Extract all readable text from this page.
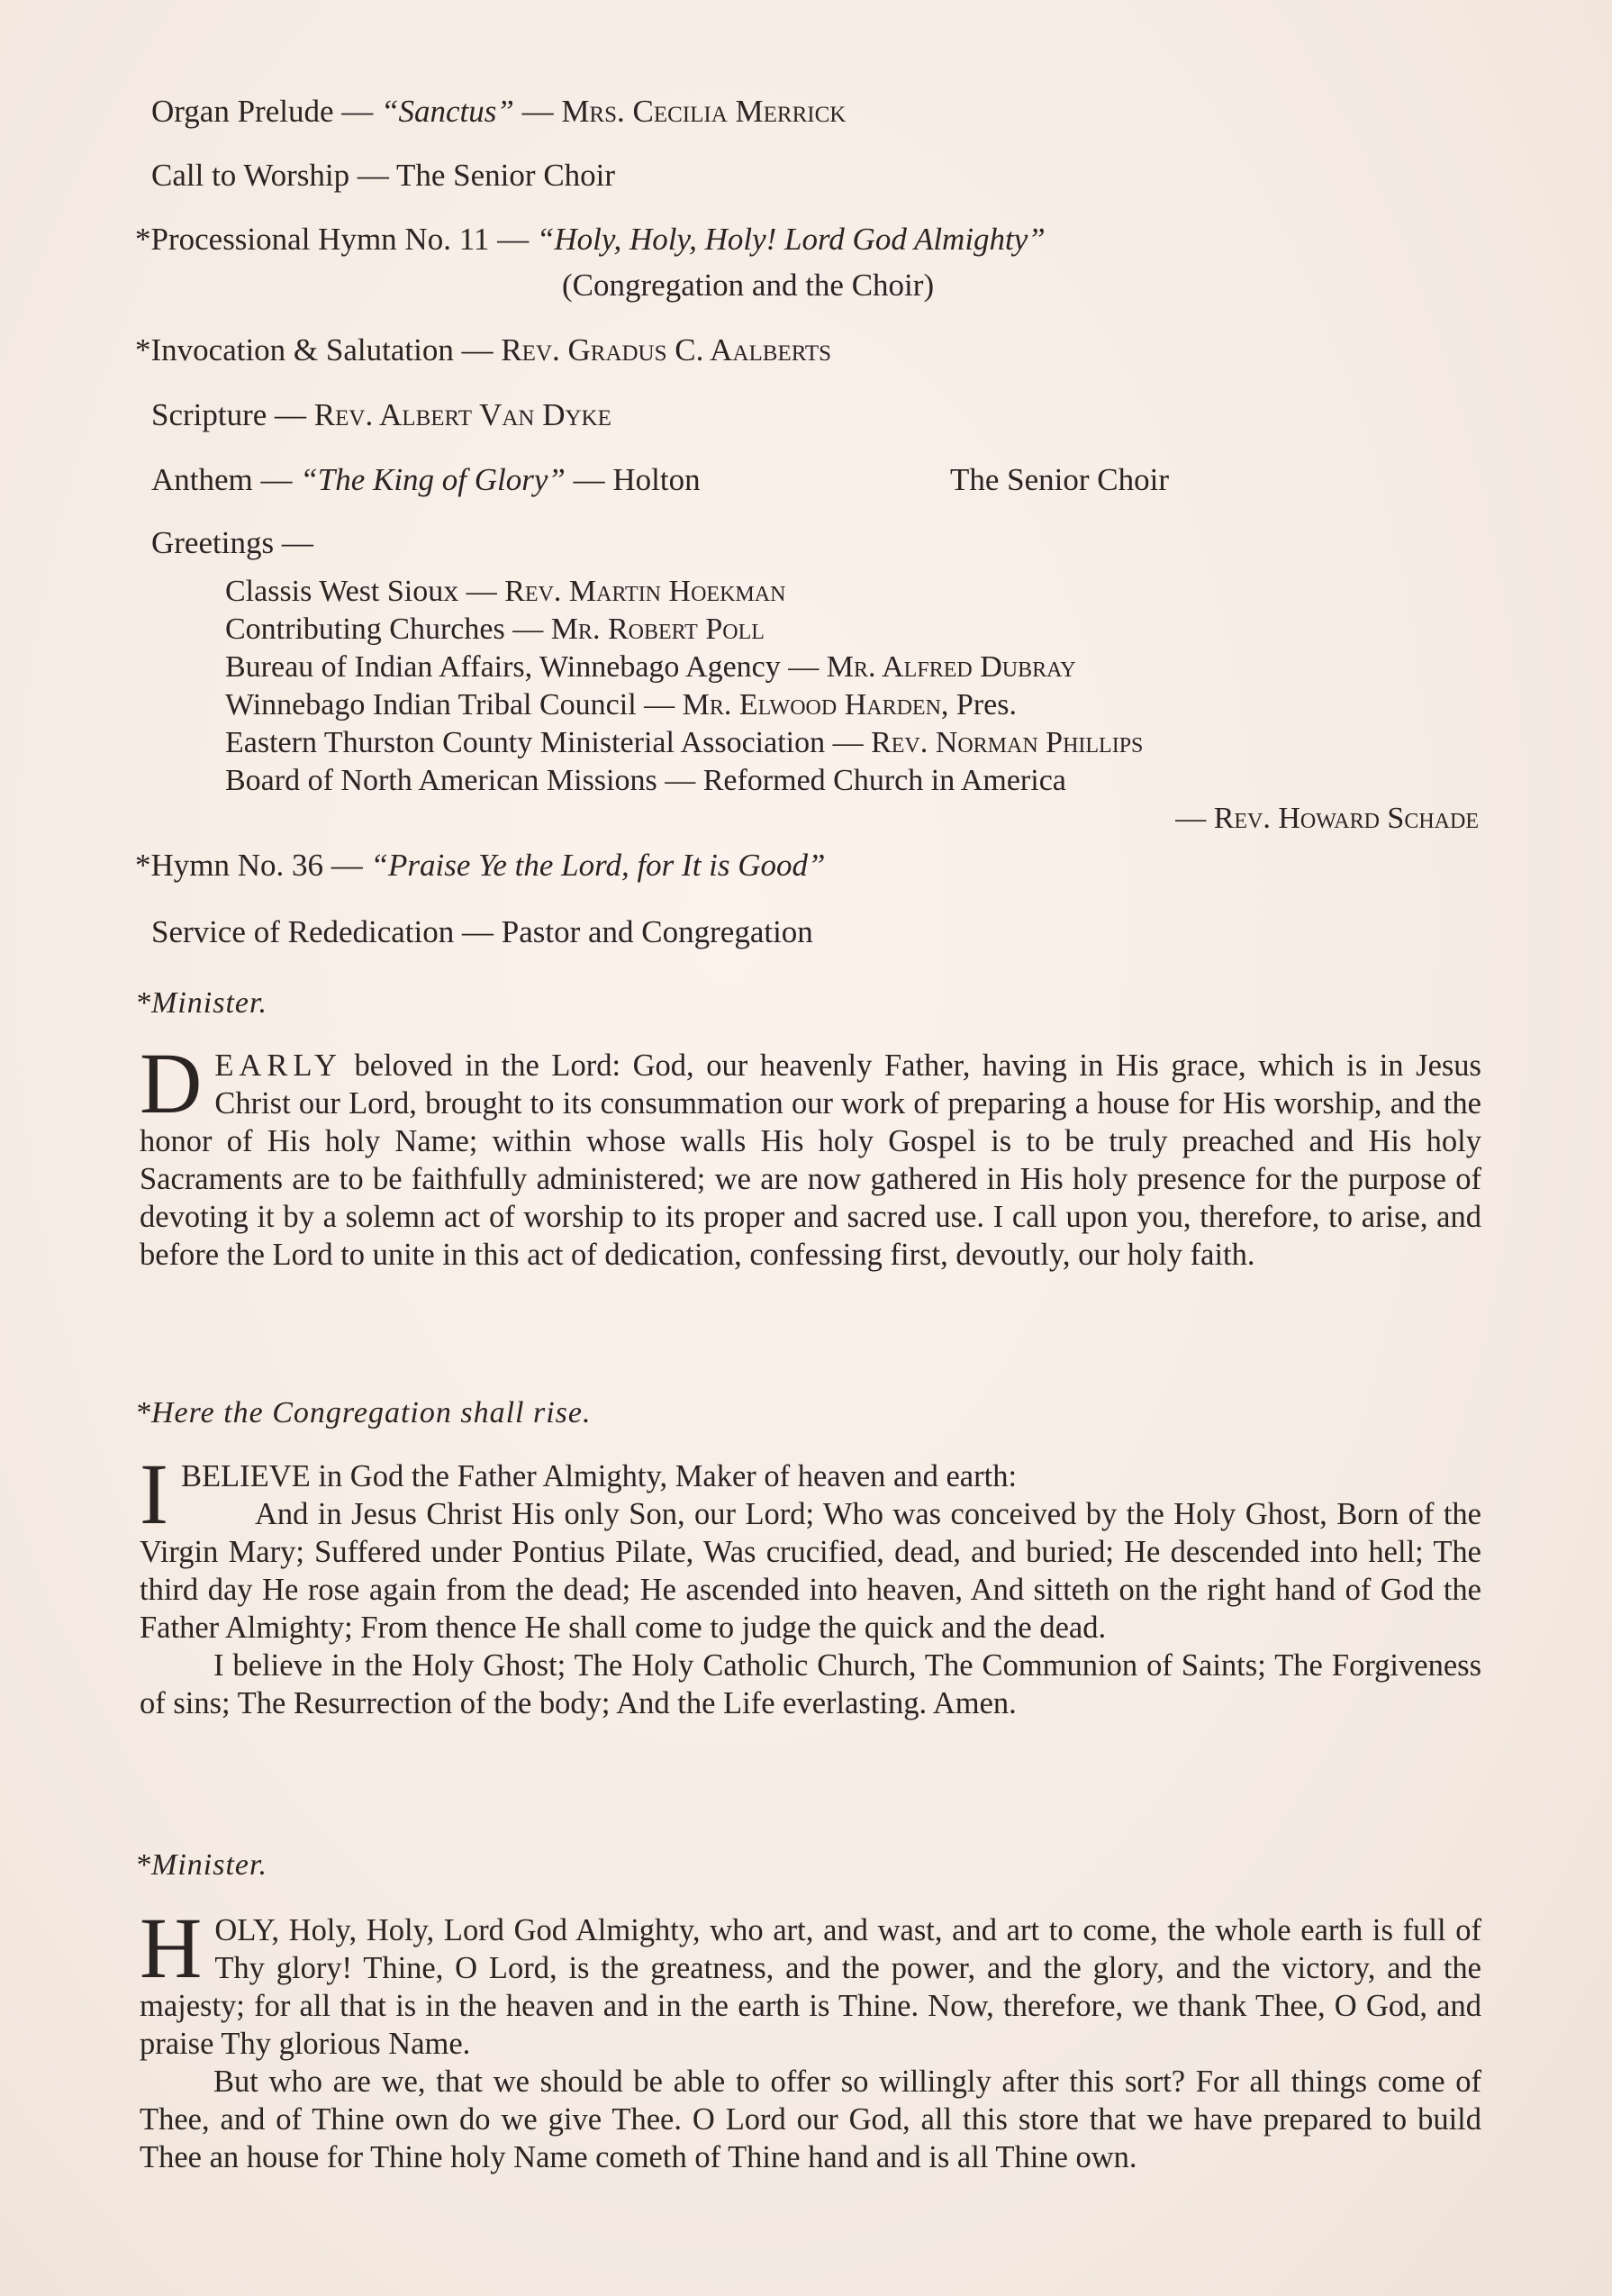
Organ Prelude — “Sanctus” — Mrs. Cecilia Merrick
Call to Worship — The Senior Choir
*Processional Hymn No. 11 — “Holy, Holy, Holy! Lord God Almighty”
(Congregation and the Choir)
*Invocation & Salutation — Rev. Gradus C. Aalberts
Scripture — Rev. Albert Van Dyke
Anthem — “The King of Glory” — Holton	The Senior Choir
Greetings —
Classis West Sioux — Rev. Martin Hoekman
Contributing Churches — Mr. Robert Poll
Bureau of Indian Affairs, Winnebago Agency — Mr. Alfred Dubray
Winnebago Indian Tribal Council — Mr. Elwood Harden, Pres.
Eastern Thurston County Ministerial Association — Rev. Norman Phillips
Board of North American Missions — Reformed Church in America
— Rev. Howard Schade
*Hymn No. 36 — “Praise Ye the Lord, for It is Good”
Service of Rededication — Pastor and Congregation
*Minister.

DEARLY beloved in the Lord: God, our heavenly Father, having in His grace, which is in Jesus Christ our Lord, brought to its consummation our work of preparing a house for His worship, and the honor of His holy Name; within whose walls His holy Gospel is to be truly preached and His holy Sacraments are to be faithfully administered; we are now gathered in His holy presence for the purpose of devoting it by a solemn act of worship to its proper and sacred use. I call upon you, therefore, to arise, and before the Lord to unite in this act of dedication, confessing first, devoutly, our holy faith.

*Here the Congregation shall rise.

IBELIEVE in God the Father Almighty, Maker of heaven and earth:

And in Jesus Christ His only Son, our Lord; Who was conceived by the Holy Ghost, Born of the Virgin Mary; Suffered under Pontius Pilate, Was crucified, dead, and buried; He descended into hell; The third day He rose again from the dead; He ascended into heaven, And sitteth on the right hand of God the Father Almighty; From thence He shall come to judge the quick and the dead.

I believe in the Holy Ghost; The Holy Catholic Church, The Communion of Saints; The Forgiveness of sins; The Resurrection of the body; And the Life everlasting. Amen.

*Minister.

HOLY, Holy, Holy, Lord God Almighty, who art, and wast, and art to come, the whole earth is full of Thy glory! Thine, O Lord, is the greatness, and the power, and the glory, and the victory, and the majesty; for all that is in the heaven and in the earth is Thine. Now, therefore, we thank Thee, O God, and praise Thy glorious Name.

But who are we, that we should be able to offer so willingly after this sort? For all things come of Thee, and of Thine own do we give Thee. O Lord our God, all this store that we have prepared to build Thee an house for Thine holy Name cometh of Thine hand and is all Thine own.
